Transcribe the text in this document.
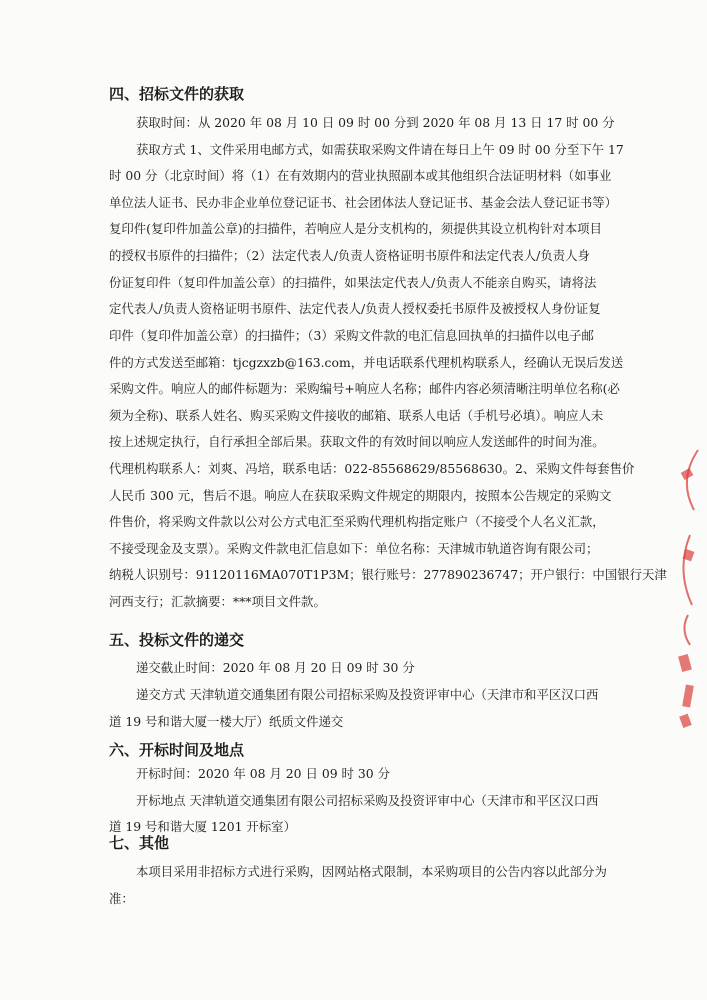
四、招标文件的获取
获取时间：从 2020 年 08 月 10 日 09 时 00 分到 2020 年 08 月 13 日 17 时 00 分
获取方式 1、文件采用电邮方式，如需获取采购文件请在每日上午 09 时 00 分至下午 17
时 00 分（北京时间）将（1）在有效期内的营业执照副本或其他组织合法证明材料（如事业
单位法人证书、民办非企业单位登记证书、社会团体法人登记证书、基金会法人登记证书等）
复印件(复印件加盖公章)的扫描件，若响应人是分支机构的，须提供其设立机构针对本项目
的授权书原件的扫描件；（2）法定代表人/负责人资格证明书原件和法定代表人/负责人身
份证复印件（复印件加盖公章）的扫描件，如果法定代表人/负责人不能亲自购买，请将法
定代表人/负责人资格证明书原件、法定代表人/负责人授权委托书原件及被授权人身份证复
印件（复印件加盖公章）的扫描件；（3）采购文件款的电汇信息回执单的扫描件以电子邮
件的方式发送至邮箱：tjcgzxzb@163.com，并电话联系代理机构联系人，经确认无误后发送
采购文件。响应人的邮件标题为：采购编号+响应人名称；邮件内容必须清晰注明单位名称(必
须为全称)、联系人姓名、购买采购文件接收的邮箱、联系人电话（手机号必填）。响应人未
按上述规定执行，自行承担全部后果。获取文件的有效时间以响应人发送邮件的时间为准。
代理机构联系人：刘爽、冯培，联系电话：022-85568629/85568630。2、采购文件每套售价
人民币 300 元，售后不退。响应人在获取采购文件规定的期限内，按照本公告规定的采购文
件售价，将采购文件款以公对公方式电汇至采购代理机构指定账户（不接受个人名义汇款，
不接受现金及支票）。采购文件款电汇信息如下：单位名称：天津城市轨道咨询有限公司；
纳税人识别号：91120116MA070T1P3M；银行账号：277890236747；开户银行：中国银行天津
河西支行；汇款摘要：***项目文件款。
五、投标文件的递交
递交截止时间：2020 年 08 月 20 日 09 时 30 分
递交方式 天津轨道交通集团有限公司招标采购及投资评审中心（天津市和平区汉口西
道 19 号和谐大厦一楼大厅）纸质文件递交
六、开标时间及地点
开标时间：2020 年 08 月 20 日 09 时 30 分
开标地点 天津轨道交通集团有限公司招标采购及投资评审中心（天津市和平区汉口西
道 19 号和谐大厦 1201 开标室）
七、其他
本项目采用非招标方式进行采购，因网站格式限制，本采购项目的公告内容以此部分为
准：
